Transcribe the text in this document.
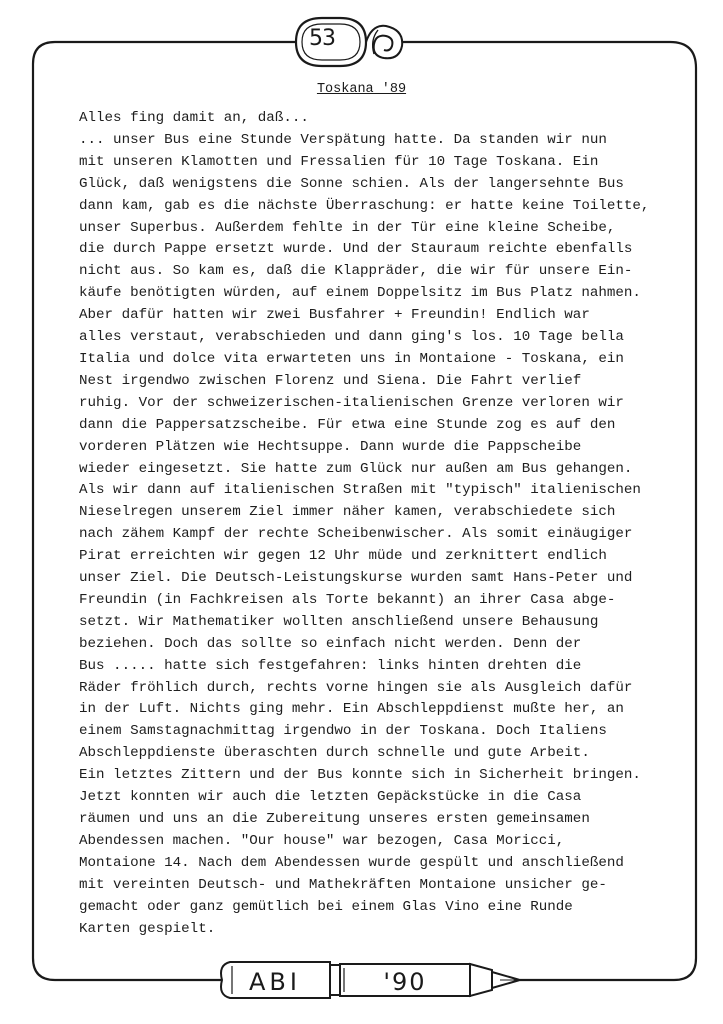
53
Toskana '89
Alles fing damit an, daß...
... unser Bus eine Stunde Verspätung hatte. Da standen wir nun
mit unseren Klamotten und Fressalien für 10 Tage Toskana. Ein
Glück, daß wenigstens die Sonne schien. Als der langersehnte Bus
dann kam, gab es die nächste Überraschung: er hatte keine Toilette,
unser Superbus. Außerdem fehlte in der Tür eine kleine Scheibe,
die durch Pappe ersetzt wurde. Und der Stauraum reichte ebenfalls
nicht aus. So kam es, daß die Klappräder, die wir für unsere Ein-
käufe benötigten würden, auf einem Doppelsitz im Bus Platz nahmen.
Aber dafür hatten wir zwei Busfahrer + Freundin! Endlich war
alles verstaut, verabschieden und dann ging's los. 10 Tage bella
Italia und dolce vita erwarteten uns in Montaione - Toskana, ein
Nest irgendwo zwischen Florenz und Siena. Die Fahrt verlief
ruhig. Vor der schweizerischen-italienischen Grenze verloren wir
dann die Pappersatzscheibe. Für etwa eine Stunde zog es auf den
vorderen Plätzen wie Hechtsuppe. Dann wurde die Pappscheibe
wieder eingesetzt. Sie hatte zum Glück nur außen am Bus gehangen.
Als wir dann auf italienischen Straßen mit "typisch" italienischen
Nieselregen unserem Ziel immer näher kamen, verabschiedete sich
nach zähem Kampf der rechte Scheibenwischer. Als somit einäugiger
Pirat erreichten wir gegen 12 Uhr müde und zerknittert endlich
unser Ziel. Die Deutsch-Leistungskurse wurden samt Hans-Peter und
Freundin (in Fachkreisen als Torte bekannt) an ihrer Casa abge-
setzt. Wir Mathematiker wollten anschließend unsere Behausung
beziehen. Doch das sollte so einfach nicht werden. Denn der
Bus ..... hatte sich festgefahren: links hinten drehten die
Räder fröhlich durch, rechts vorne hingen sie als Ausgleich dafür
in der Luft. Nichts ging mehr. Ein Abschleppdienst mußte her, an
einem Samstagnachmittag irgendwo in der Toskana. Doch Italiens
Abschleppdienste überaschten durch schnelle und gute Arbeit.
Ein letztes Zittern und der Bus konnte sich in Sicherheit bringen.
Jetzt konnten wir auch die letzten Gepäckstücke in die Casa
räumen und uns an die Zubereitung unseres ersten gemeinsamen
Abendessen machen. "Our house" war bezogen, Casa Moricci,
Montaione 14. Nach dem Abendessen wurde gespült und anschließend
mit vereinten Deutsch- und Mathekräften Montaione unsicher ge-
gemacht oder ganz gemütlich bei einem Glas Vino eine Runde
Karten gespielt.
ABI	'90
